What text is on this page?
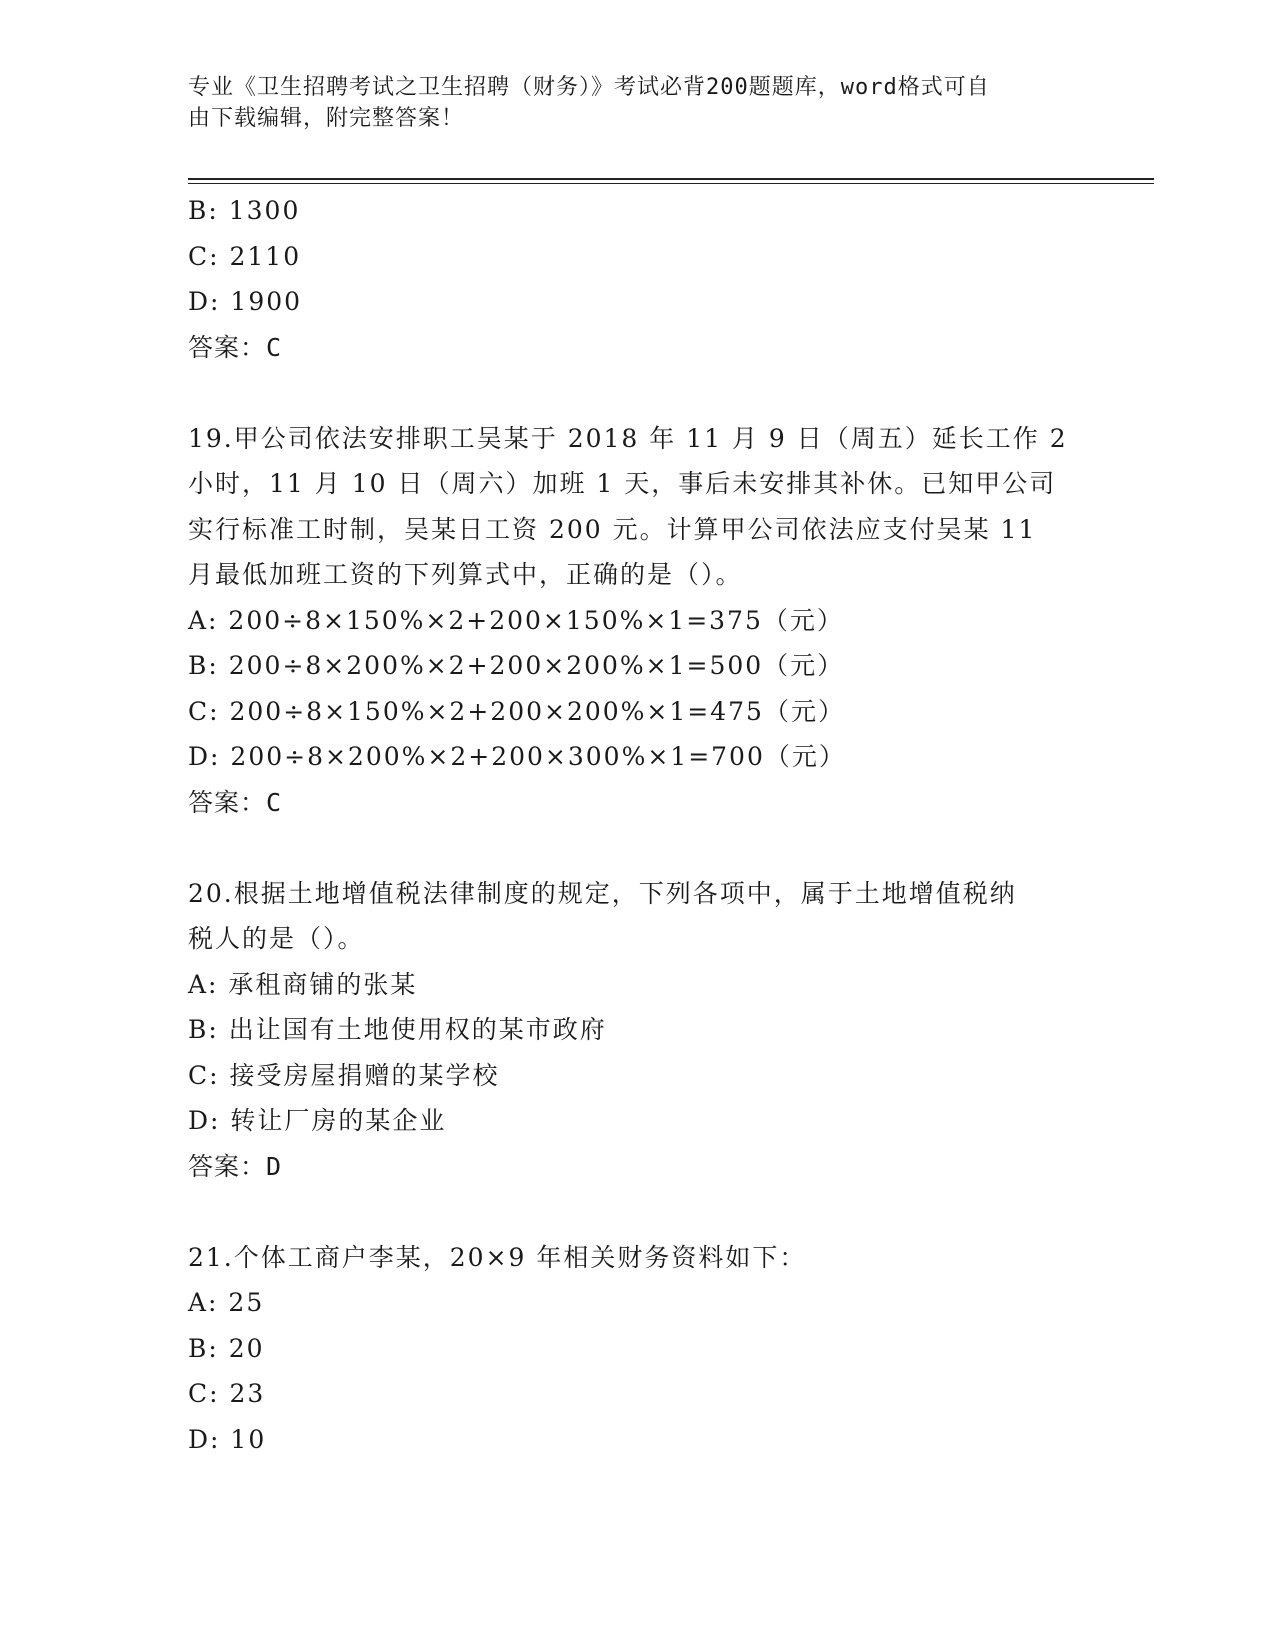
专业《卫生招聘考试之卫生招聘（财务）》考试必背200题题库，word格式可自
由下载编辑，附完整答案！
B: 1300
C: 2110
D: 1900
答案：C
19.甲公司依法安排职工吴某于 2018 年 11 月 9 日（周五）延长工作 2
小时，11 月 10 日（周六）加班 1 天，事后未安排其补休。已知甲公司
实行标准工时制，吴某日工资 200 元。计算甲公司依法应支付吴某 11
月最低加班工资的下列算式中，正确的是（）。
A: 200÷8×150%×2+200×150%×1=375（元）
B: 200÷8×200%×2+200×200%×1=500（元）
C: 200÷8×150%×2+200×200%×1=475（元）
D: 200÷8×200%×2+200×300%×1=700（元）
答案：C
20.根据土地增值税法律制度的规定，下列各项中，属于土地增值税纳
税人的是（）。
A: 承租商铺的张某
B: 出让国有土地使用权的某市政府
C: 接受房屋捐赠的某学校
D: 转让厂房的某企业
答案：D
21.个体工商户李某，20×9 年相关财务资料如下：
A: 25
B: 20
C: 23
D: 10
